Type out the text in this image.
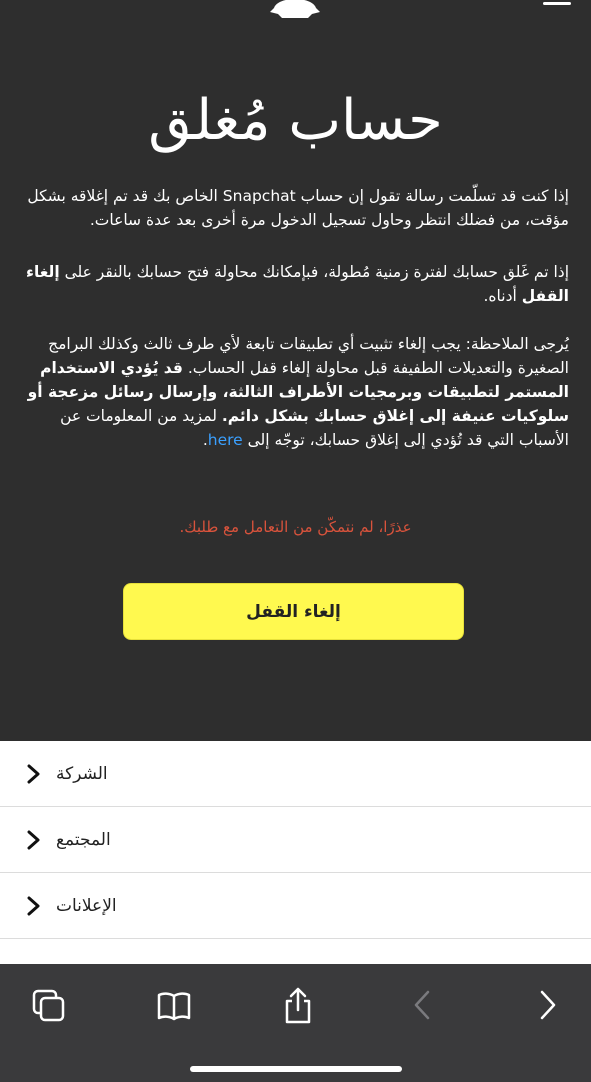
حساب مُغلق

إذا كنت قد تسلّمت رسالة تقول إن حساب Snapchat الخاص بك قد تم إغلاقه بشكل مؤقت، من فضلك انتظر وحاول تسجيل الدخول مرة أخرى بعد عدة ساعات.

إذا تم غَلق حسابك لفترة زمنية مُطولة، فبإمكانك محاولة فتح حسابك بالنقر على إلغاء القفل أدناه.

يُرجى الملاحظة: يجب إلغاء تثبيت أي تطبيقات تابعة لأي طرف ثالث وكذلك البرامج الصغيرة والتعديلات الطفيفة قبل محاولة إلغاء قفل الحساب. قد يُؤدي الاستخدام المستمر لتطبيقات وبرمجيات الأطراف الثالثة، وإرسال رسائل مزعجة أو سلوكيات عنيفة إلى إغلاق حسابك بشكل دائم. لمزيد من المعلومات عن الأسباب التي قد تُؤدي إلى إغلاق حسابك، توجّه إلى here.

عذرًا، لم نتمكّن من التعامل مع طلبك.
إلغاء القفل
الشركة
المجتمع
الإعلانات
